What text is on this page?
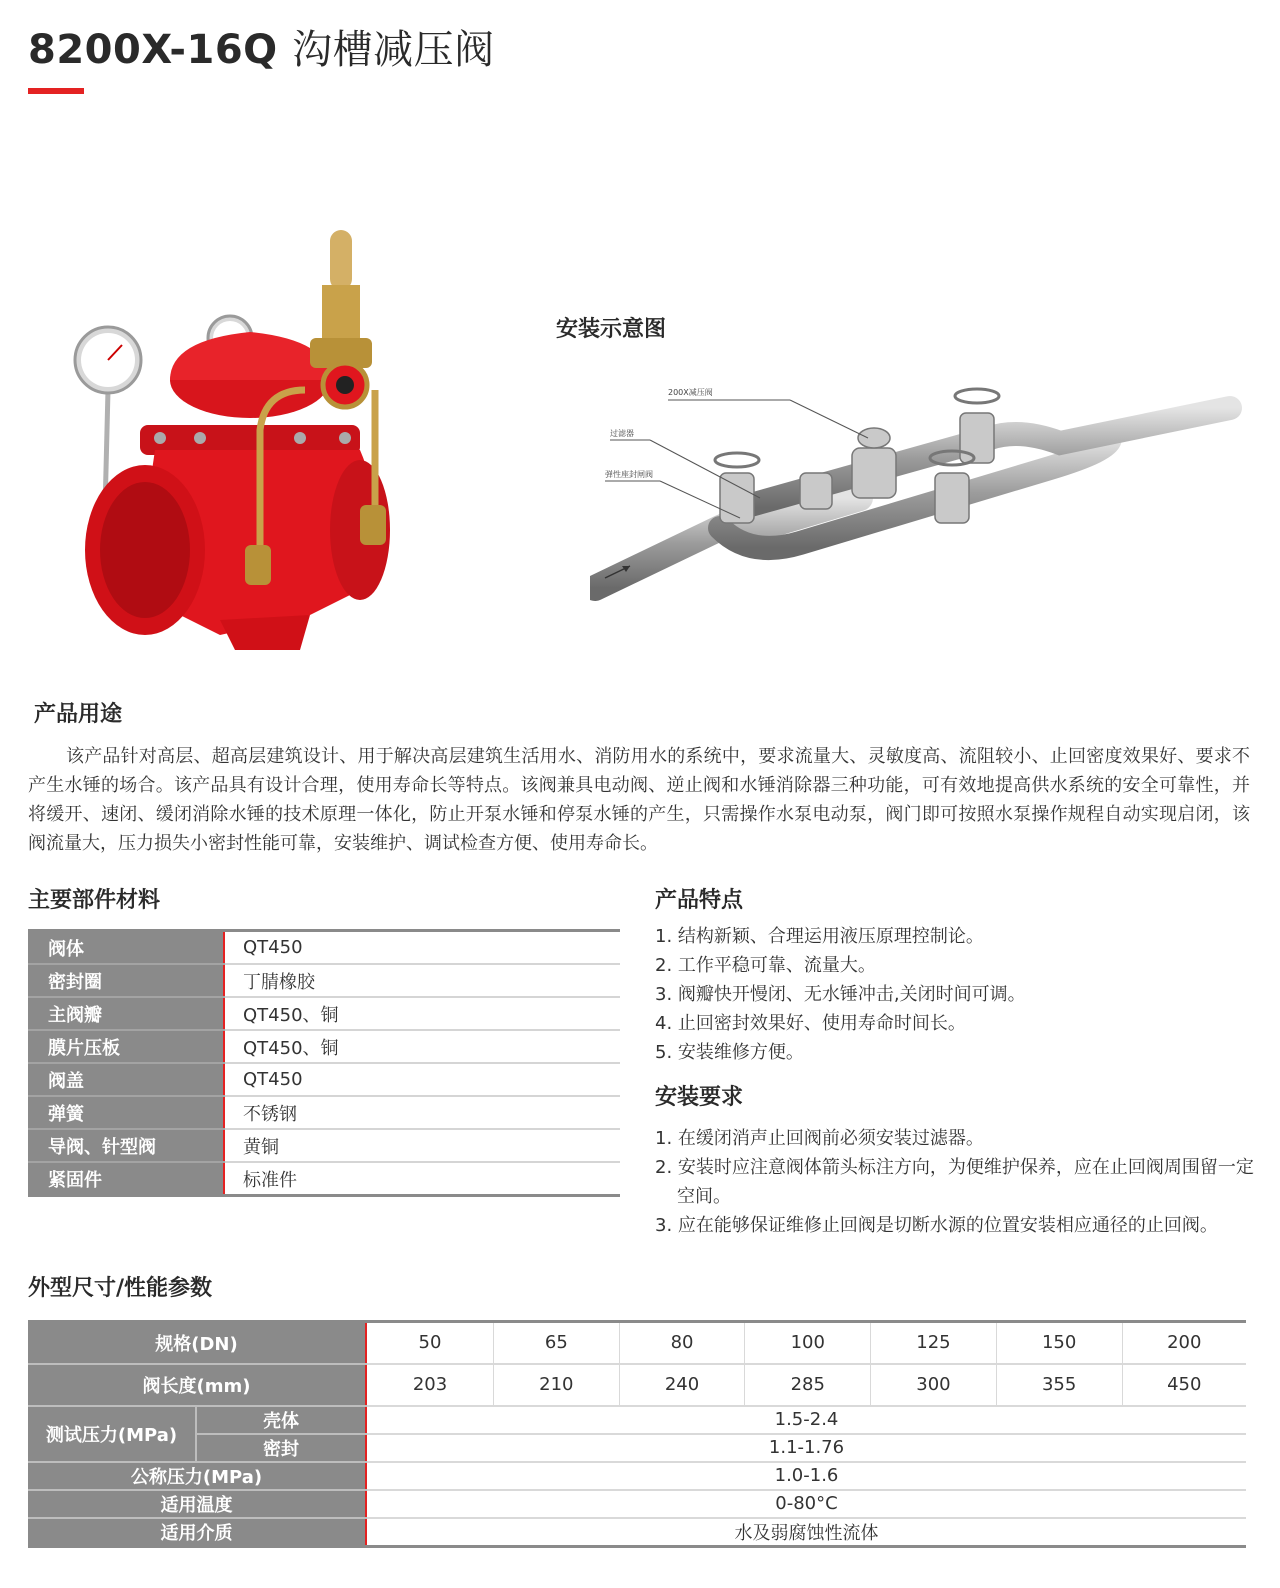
8200X-16Q 沟槽减压阀
安装示意图
200X减压阀
过滤器
弹性座封闸阀
产品用途
该产品针对高层、超高层建筑设计、用于解决高层建筑生活用水、消防用水的系统中，要求流量大、灵敏度高、流阻较小、止回密度效果好、要求不产生水锤的场合。该产品具有设计合理，使用寿命长等特点。该阀兼具电动阀、逆止阀和水锤消除器三种功能，可有效地提高供水系统的安全可靠性，并将缓开、速闭、缓闭消除水锤的技术原理一体化，防止开泵水锤和停泵水锤的产生，只需操作水泵电动泵，阀门即可按照水泵操作规程自动实现启闭，该阀流量大，压力损失小密封性能可靠，安装维护、调试检查方便、使用寿命长。
主要部件材料
阀体	QT450
密封圈	丁腈橡胶
主阀瓣	QT450、铜
膜片压板	QT450、铜
阀盖	QT450
弹簧	不锈钢
导阀、针型阀	黄铜
紧固件	标准件
产品特点
1. 结构新颖、合理运用液压原理控制论。
2. 工作平稳可靠、流量大。
3. 阀瓣快开慢闭、无水锤冲击,关闭时间可调。
4. 止回密封效果好、使用寿命时间长。
5. 安装维修方便。
安装要求
1. 在缓闭消声止回阀前必须安装过滤器。
2. 安装时应注意阀体箭头标注方向，为便维护保养，应在止回阀周围留一定空间。
3. 应在能够保证维修止回阀是切断水源的位置安装相应通径的止回阀。
外型尺寸/性能参数
规格(DN)		50	65	80	100	125	150	200
阀长度(mm)		203	210	240	285	300	355	450
测试压力(MPa)	壳体	1.5-2.4						
	密封	1.1-1.76						
公称压力(MPa)		1.0-1.6						
适用温度		0-80°C						
适用介质		水及弱腐蚀性流体						
